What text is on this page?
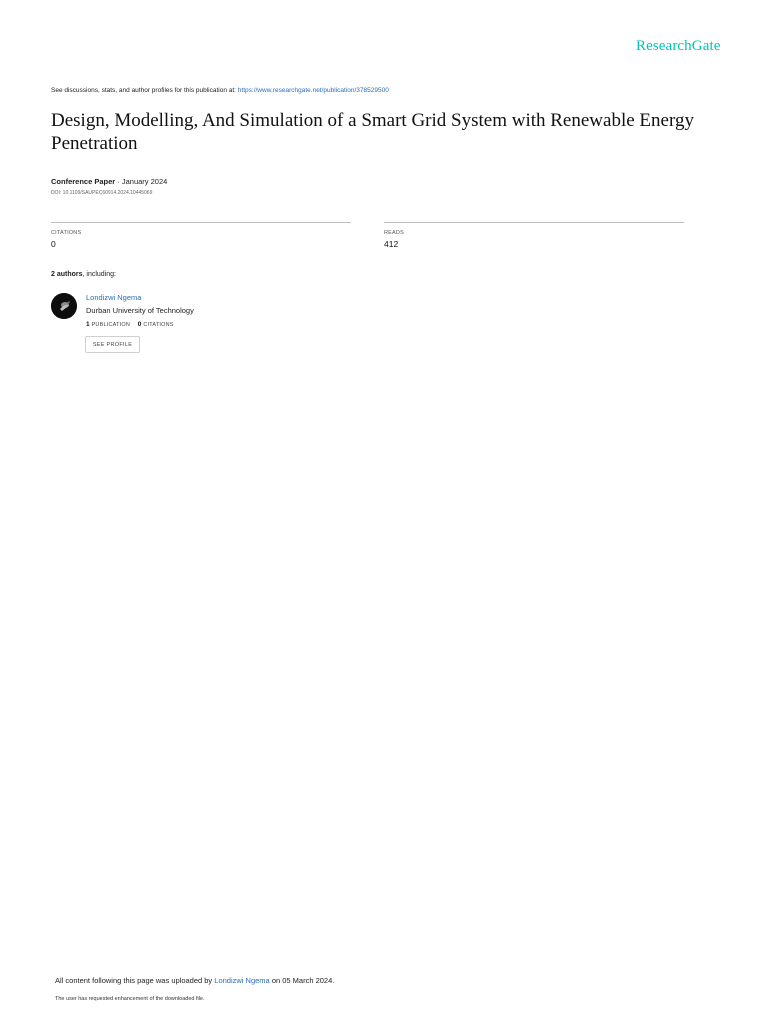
ResearchGate
See discussions, stats, and author profiles for this publication at: https://www.researchgate.net/publication/378529500
Design, Modelling, And Simulation of a Smart Grid System with Renewable Energy Penetration
Conference Paper · January 2024
DOI: 10.1109/SAUPEC60914.2024.10445069
CITATIONS
0
READS
412
2 authors, including:
Londizwi Ngema
Durban University of Technology
1 PUBLICATION 0 CITATIONS
SEE PROFILE
All content following this page was uploaded by Londizwi Ngema on 05 March 2024.
The user has requested enhancement of the downloaded file.
